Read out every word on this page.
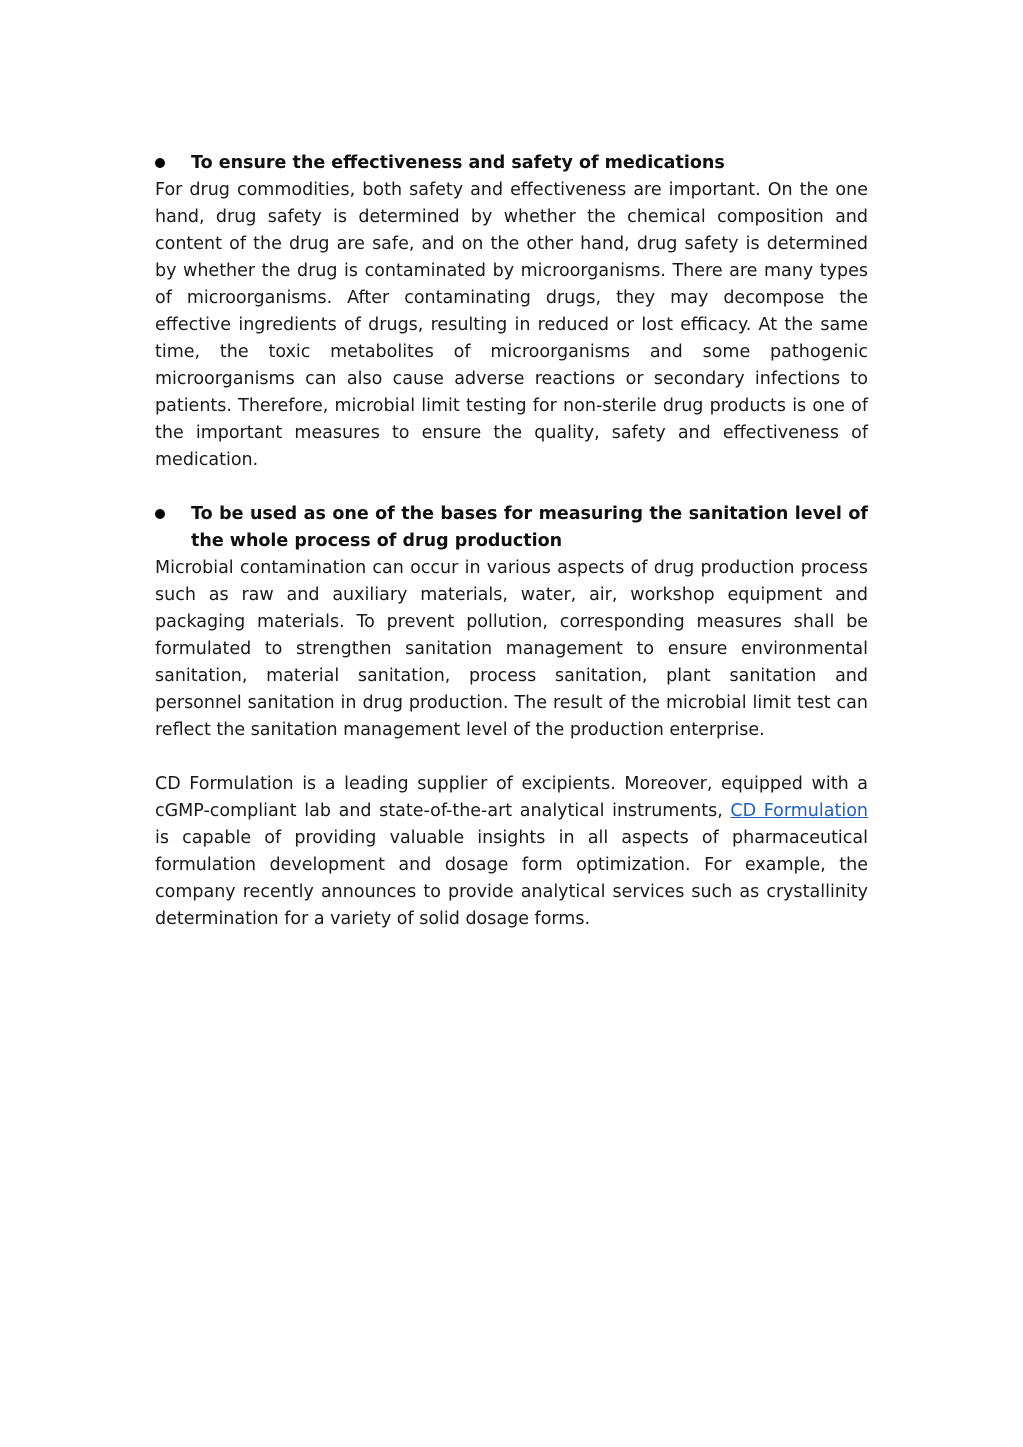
To ensure the effectiveness and safety of medications

For drug commodities, both safety and effectiveness are important. On the one hand, drug safety is determined by whether the chemical composition and content of the drug are safe, and on the other hand, drug safety is determined by whether the drug is contaminated by microorganisms. There are many types of microorganisms. After contaminating drugs, they may decompose the effective ingredients of drugs, resulting in reduced or lost efficacy. At the same time, the toxic metabolites of microorganisms and some pathogenic microorganisms can also cause adverse reactions or secondary infections to patients. Therefore, microbial limit testing for non-sterile drug products is one of the important measures to ensure the quality, safety and effectiveness of medication.

To be used as one of the bases for measuring the sanitation level of the whole process of drug production

Microbial contamination can occur in various aspects of drug production process such as raw and auxiliary materials, water, air, workshop equipment and packaging materials. To prevent pollution, corresponding measures shall be formulated to strengthen sanitation management to ensure environmental sanitation, material sanitation, process sanitation, plant sanitation and personnel sanitation in drug production. The result of the microbial limit test can reflect the sanitation management level of the production enterprise.

CD Formulation is a leading supplier of excipients. Moreover, equipped with a cGMP-compliant lab and state-of-the-art analytical instruments, CD Formulation is capable of providing valuable insights in all aspects of pharmaceutical formulation development and dosage form optimization. For example, the company recently announces to provide analytical services such as crystallinity determination for a variety of solid dosage forms.
